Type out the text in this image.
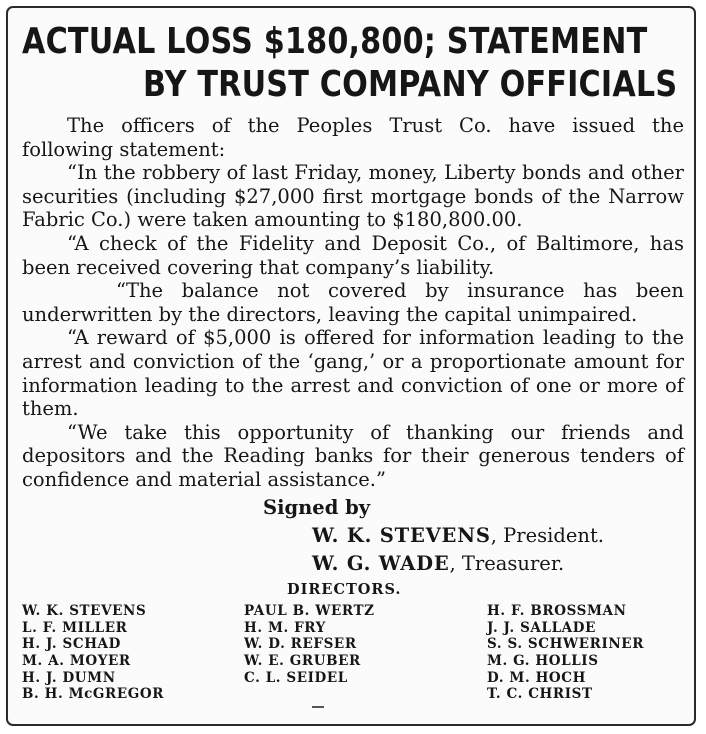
ACTUAL LOSS $180,800; STATEMENT
BY TRUST COMPANY OFFICIALS

The officers of the Peoples Trust Co. have issued the following statement:

“In the robbery of last Friday, money, Liberty bonds and other securities (including $27,000 first mortgage bonds of the Narrow Fabric Co.) were taken amounting to $180,800.00.

“A check of the Fidelity and Deposit Co., of Baltimore, has been received covering that company’s liability.

“The balance not covered by insurance has been underwritten by the directors, leaving the capital unimpaired.

“A reward of $5,000 is offered for information leading to the arrest and conviction of the ‘gang,’ or a proportionate amount for information leading to the arrest and conviction of one or more of them.

“We take this opportunity of thanking our friends and depositors and the Reading banks for their generous tenders of confidence and material assistance.”

Signed by
W. K. STEVENS, President.
W. G. WADE, Treasurer.
DIRECTORS.
W. K. STEVENS
L. F. MILLER
H. J. SCHAD
M. A. MOYER
H. J. DUMN
B. H. McGREGOR
PAUL B. WERTZ
H. M. FRY
W. D. REFSER
W. E. GRUBER
C. L. SEIDEL
H. F. BROSSMAN
J. J. SALLADE
S. S. SCHWERINER
M. G. HOLLIS
D. M. HOCH
T. C. CHRIST
